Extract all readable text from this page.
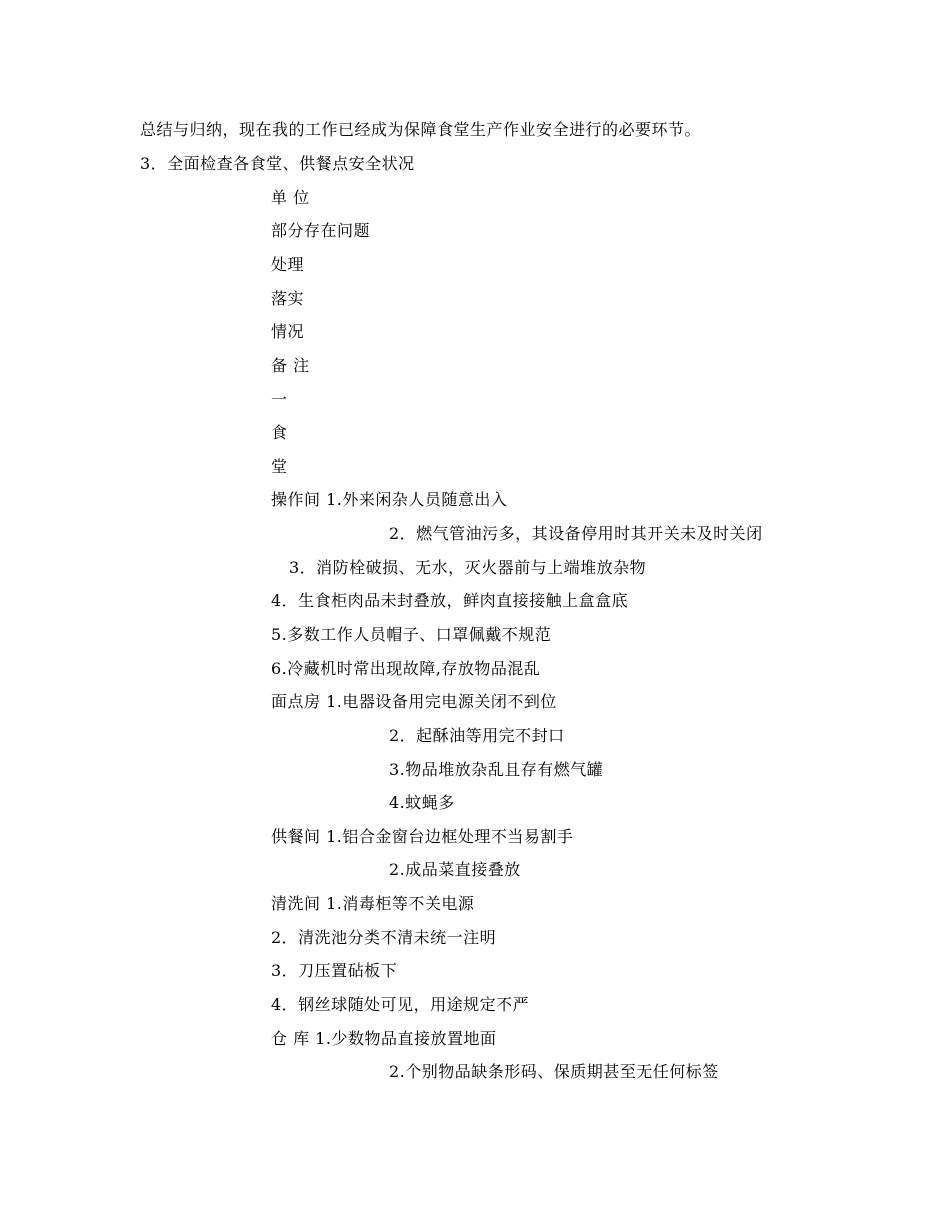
总结与归纳，现在我的工作已经成为保障食堂生产作业安全进行的必要环节。
3．全面检查各食堂、供餐点安全状况
单 位
部分存在问题
处理
落实
情况
备 注
一
食
堂
操作间 1.外来闲杂人员随意出入
2．燃气管油污多，其设备停用时其开关未及时关闭
3．消防栓破损、无水，灭火器前与上端堆放杂物
4．生食柜肉品未封叠放，鲜肉直接接触上盒盒底
5.多数工作人员帽子、口罩佩戴不规范
6.冷藏机时常出现故障,存放物品混乱
面点房 1.电器设备用完电源关闭不到位
2．起酥油等用完不封口
3.物品堆放杂乱且存有燃气罐
4.蚊蝇多
供餐间 1.铝合金窗台边框处理不当易割手
2.成品菜直接叠放
清洗间 1.消毒柜等不关电源
2．清洗池分类不清未统一注明
3．刀压置砧板下
4．钢丝球随处可见，用途规定不严
仓 库 1.少数物品直接放置地面
2.个别物品缺条形码、保质期甚至无任何标签
